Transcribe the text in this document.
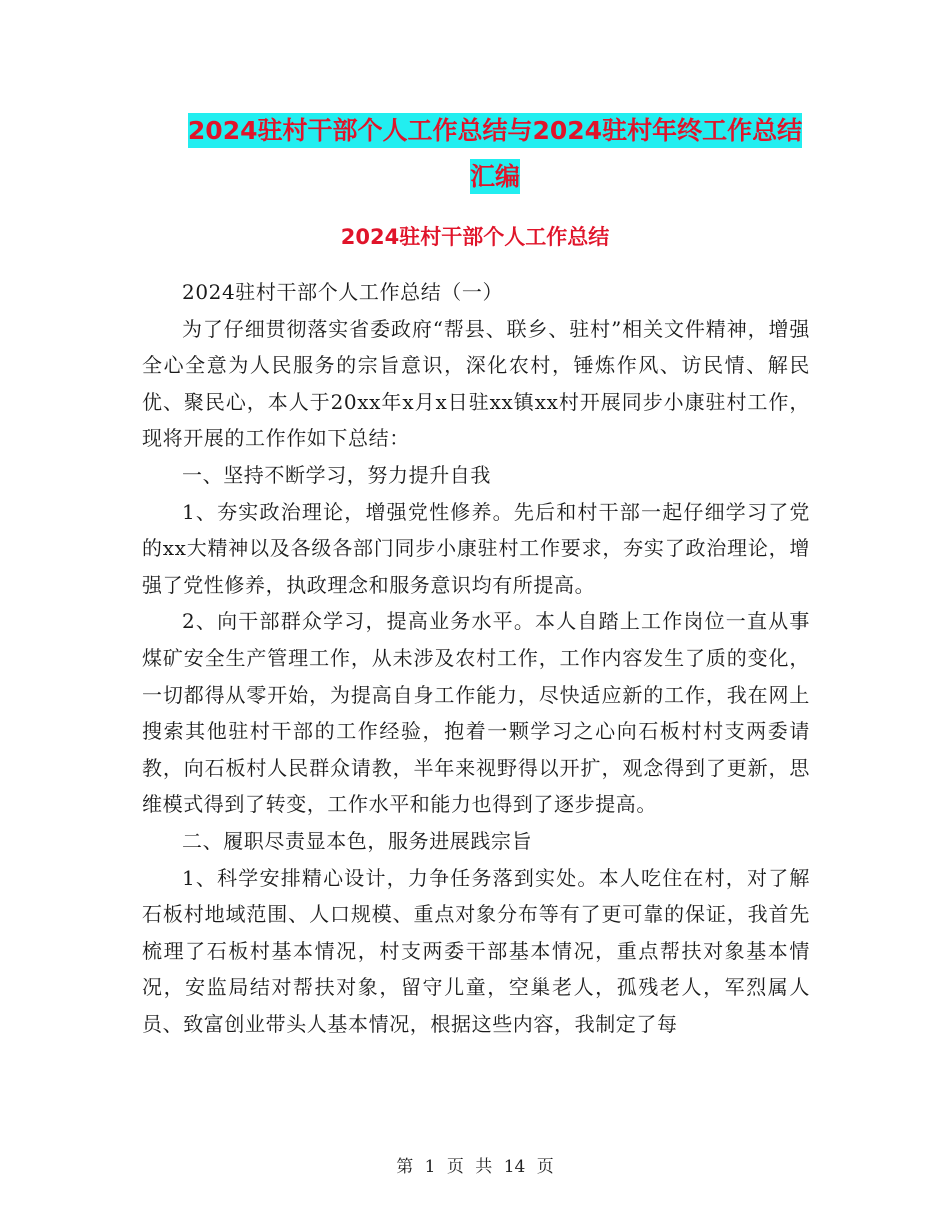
2024驻村干部个人工作总结与2024驻村年终工作总结
汇编
2024驻村干部个人工作总结

2024驻村干部个人工作总结（一）

为了仔细贯彻落实省委政府“帮县、联乡、驻村”相关文件精神，增强全心全意为人民服务的宗旨意识，深化农村，锤炼作风、访民情、解民优、聚民心，本人于20xx年x月x日驻xx镇xx村开展同步小康驻村工作，现将开展的工作作如下总结：

一、坚持不断学习，努力提升自我

1、夯实政治理论，增强党性修养。先后和村干部一起仔细学习了党的xx大精神以及各级各部门同步小康驻村工作要求，夯实了政治理论，增强了党性修养，执政理念和服务意识均有所提高。

2、向干部群众学习，提高业务水平。本人自踏上工作岗位一直从事煤矿安全生产管理工作，从未涉及农村工作，工作内容发生了质的变化，一切都得从零开始，为提高自身工作能力，尽快适应新的工作，我在网上搜索其他驻村干部的工作经验，抱着一颗学习之心向石板村村支两委请教，向石板村人民群众请教，半年来视野得以开扩，观念得到了更新，思维模式得到了转变，工作水平和能力也得到了逐步提高。

二、履职尽责显本色，服务进展践宗旨

1、科学安排精心设计，力争任务落到实处。本人吃住在村，对了解石板村地域范围、人口规模、重点对象分布等有了更可靠的保证，我首先梳理了石板村基本情况，村支两委干部基本情况，重点帮扶对象基本情况，安监局结对帮扶对象，留守儿童，空巢老人，孤残老人，军烈属人员、致富创业带头人基本情况，根据这些内容，我制定了每

第 1 页 共 14 页
